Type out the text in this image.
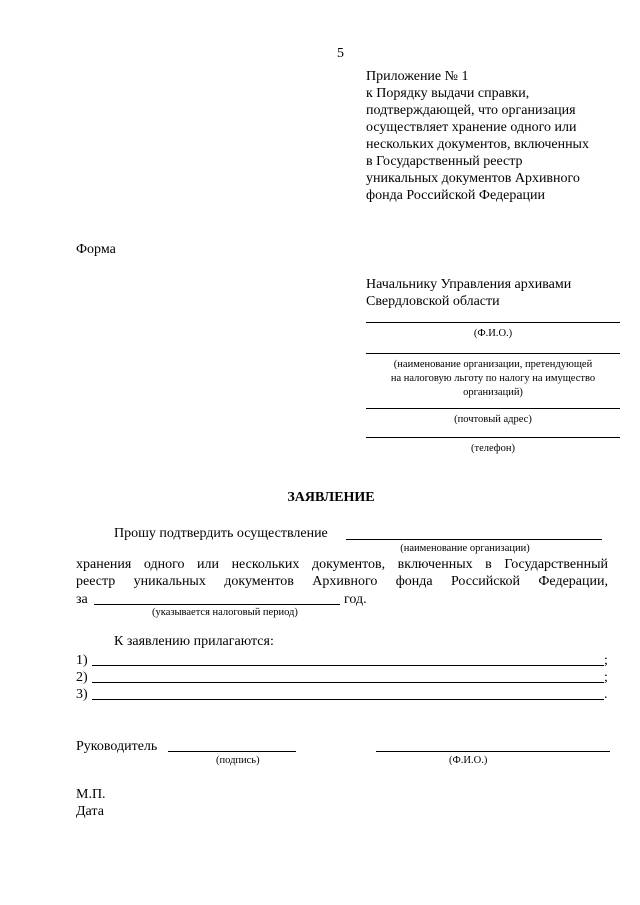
5
Приложение № 1
к Порядку выдачи справки,
подтверждающей, что организация
осуществляет хранение одного или
нескольких документов, включенных
в Государственный реестр
уникальных документов Архивного
фонда Российской Федерации
Форма
Начальнику Управления архивами
Свердловской области
(Ф.И.О.)
(наименование организации, претендующей
на налоговую льготу по налогу на имущество
организаций)
(почтовый адрес)
(телефон)
ЗАЯВЛЕНИЕ
Прошу подтвердить осуществление
(наименование организации)
хранения одного или нескольких документов, включенных в Государственный
реестр уникальных документов Архивного фонда Российской Федерации,
за	год.
(указывается налоговый период)
К заявлению прилагаются:
1)	;
2)	;
3)	.
Руководитель
(подпись)	(Ф.И.О.)
М.П.
Дата
